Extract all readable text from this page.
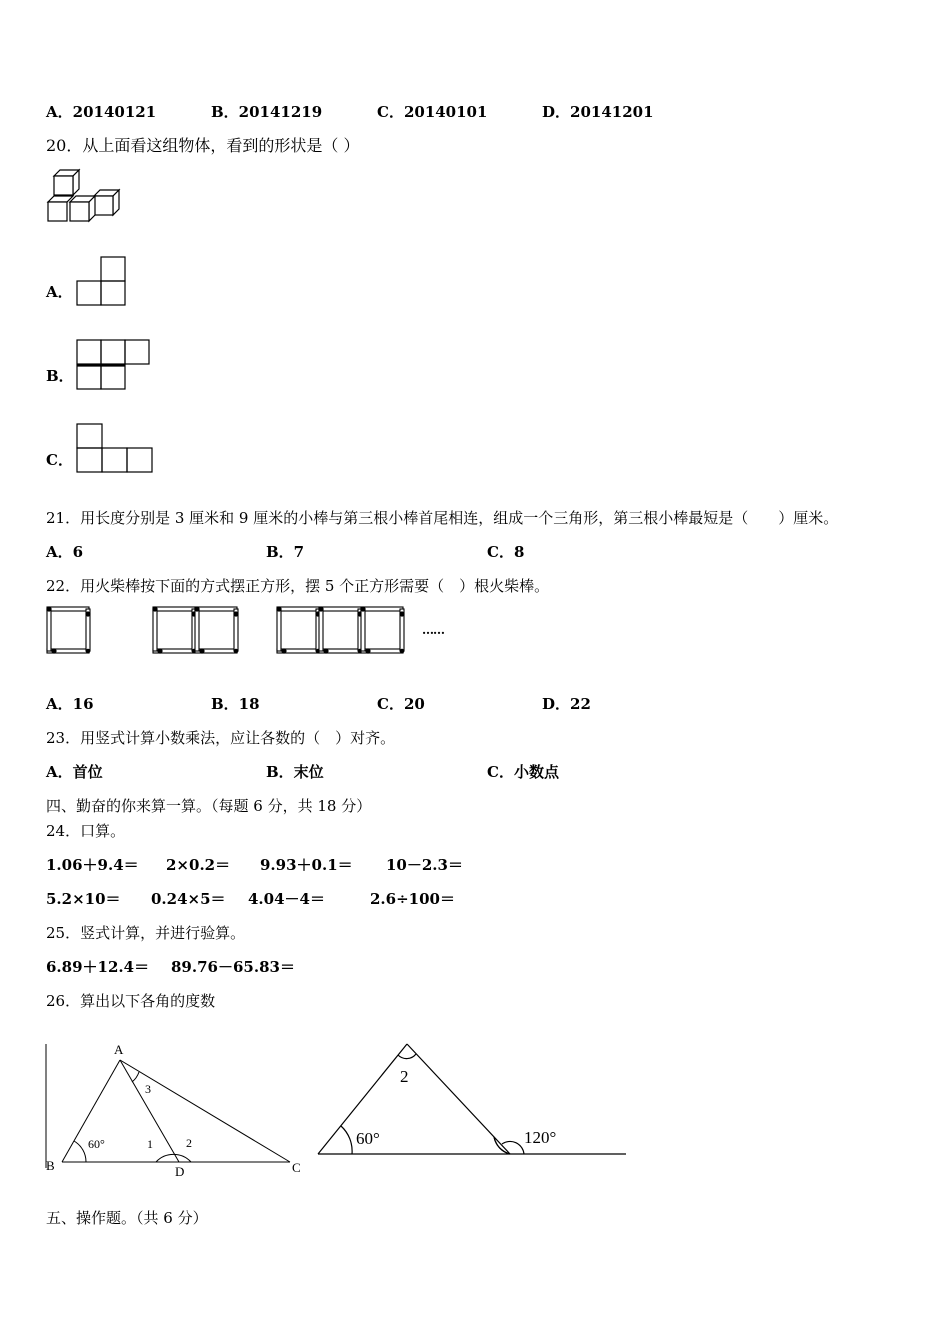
A．20140121	B．20141219	C．20140101	D．20141201
20．从上面看这组物体，看到的形状是（ ）
A．
B．
C．
21．用长度分别是 3 厘米和 9 厘米的小棒与第三根小棒首尾相连，组成一个三角形，第三根小棒最短是（　　）厘米。
A．6	B．7	C．8
22．用火柴棒按下面的方式摆正方形，摆 5 个正方形需要（　）根火柴棒。
……
A．16	B．18	C．20	D．22
23．用竖式计算小数乘法，应让各数的（　）对齐。
A．首位	B．末位	C．小数点
四、勤奋的你来算一算。（每题 6 分，共 18 分）
24．口算。
1.06＋9.4＝ 2×0.2＝ 9.93＋0.1＝ 10－2.3＝
5.2×10＝ 0.24×5＝ 4.04－4＝	2.6÷100＝
25．竖式计算，并进行验算。
6.89＋12.4＝ 89.76－65.83＝
26．算出以下各角的度数
A
B	C
D
60°	1	2
3
2
60°	120°
五、操作题。（共 6 分）
